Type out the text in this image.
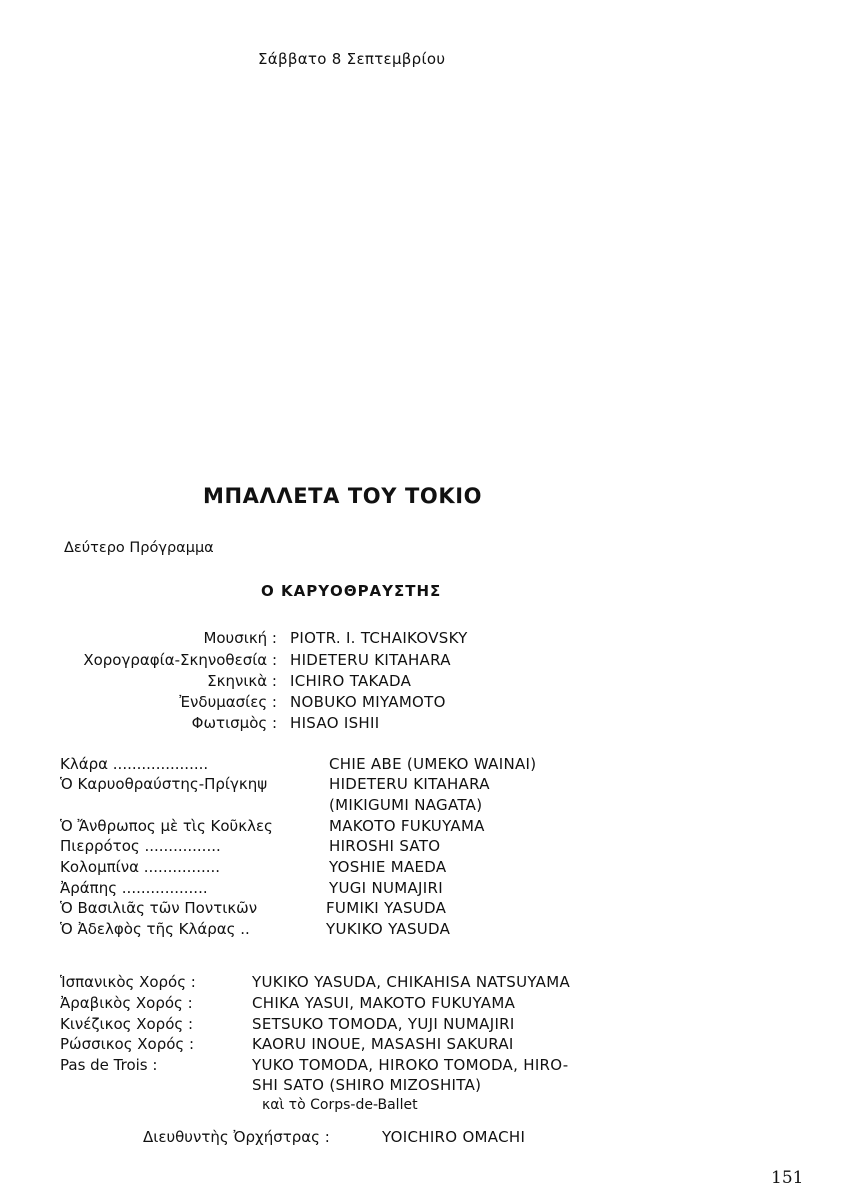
Σάββατο 8 Σεπτεμβρίου
ΜΠΑΛΛΕΤΑ ΤΟΥ ΤΟΚΙΟ
Δεύτερο Πρόγραμμα
Ο ΚΑΡΥΟΘΡΑΥΣΤΗΣ
Μουσική : PIOTR. I. TCHAIKOVSKY
Χορογραφία-Σκηνοθεσία : HIDETERU KITAHARA
Σκηνικὰ : ICHIRO TAKADA
Ἐνδυμασίες : NOBUKO MIYAMOTO
Φωτισμὸς : HISAO ISHII
Κλάρα ....................	CHIE ABE (UMEKO WAINAI)
Ὁ Καρυοθραύστης-Πρίγκηψ	HIDETERU KITAHARA
(MIKIGUMI NAGATA)
Ὁ Ἄνθρωπος μὲ τὶς Κοῦκλες	MAKOTO FUKUYAMA
Πιερρότος ................	HIROSHI SATO
Κολομπίνα ................	YOSHIE MAEDA
Ἀράπης ..................	YUGI NUMAJIRI
Ὁ Βασιλιᾶς τῶν Ποντικῶν	FUMIKI YASUDA
Ὁ Ἀδελφὸς τῆς Κλάρας ..	YUKIKO YASUDA
Ἱσπανικὸς Χορός :	YUKIKO YASUDA, CHIKAHISA NATSUYAMA
Ἀραβικὸς Χορός :	CHIKA YASUI, MAKOTO FUKUYAMA
Κινέζικος Χορός :	SETSUKO TOMODA, YUJI NUMAJIRI
Ρώσσικος Χορός :	KAORU INOUE, MASASHI SAKURAI
Pas de Trois :	YUKO TOMODA, HIROKO TOMODA, HIRO-
SHI SATO (SHIRO MIZOSHITA)
καὶ τὸ Corps-de-Ballet
Διευθυντὴς Ὀρχήστρας :	YOICHIRO OMACHI
151
